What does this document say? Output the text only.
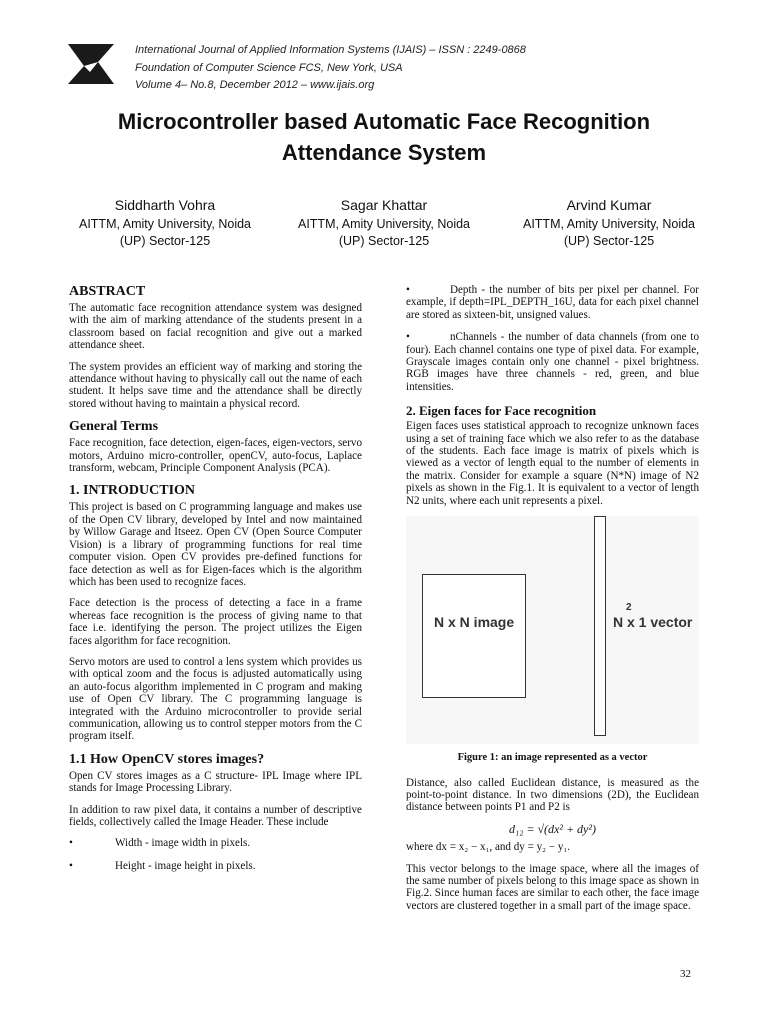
International Journal of Applied Information Systems (IJAIS) – ISSN : 2249-0868
Foundation of Computer Science FCS, New York, USA
Volume 4– No.8, December 2012 – www.ijais.org
Microcontroller based Automatic Face Recognition
Attendance System
Siddharth Vohra
AITTM, Amity University, Noida
(UP) Sector-125
Sagar Khattar
AITTM, Amity University, Noida
(UP) Sector-125
Arvind Kumar
AITTM, Amity University, Noida
(UP) Sector-125
ABSTRACT

The automatic face recognition attendance system was designed with the aim of marking attendance of the students present in a classroom based on facial recognition and give out a marked attendance sheet.

The system provides an efficient way of marking and storing the attendance without having to physically call out the name of each student. It helps save time and the attendance shall be directly stored without having to maintain a physical record.

General Terms

Face recognition, face detection, eigen-faces, eigen-vectors, servo motors, Arduino micro-controller, openCV, auto-focus, Laplace transform, webcam, Principle Component Analysis (PCA).

1. INTRODUCTION

This project is based on C programming language and makes use of the Open CV library, developed by Intel and now maintained by Willow Garage and Itseez. Open CV (Open Source Computer Vision) is a library of programming functions for real time computer vision. Open CV provides pre-defined functions for face detection as well as for Eigen-faces which is the algorithm which has been used to recognize faces.

Face detection is the process of detecting a face in a frame whereas face recognition is the process of giving name to that face i.e. identifying the person. The project utilizes the Eigen faces algorithm for face recognition.

Servo motors are used to control a lens system which provides us with optical zoom and the focus is adjusted automatically using an auto-focus algorithm implemented in C program and making use of Open CV library. The C programming language is integrated with the Arduino microcontroller to provide serial communication, allowing us to control stepper motors from the C program itself.

1.1 How OpenCV stores images?

Open CV stores images as a C structure- IPL Image where IPL stands for Image Processing Library.

In addition to raw pixel data, it contains a number of descriptive fields, collectively called the Image Header. These include

•	Width - image width in pixels.
•	Height - image height in pixels.
•	Depth - the number of bits per pixel per channel. For example, if depth=IPL_DEPTH_16U, data for each pixel channel are stored as sixteen-bit, unsigned values.
•	nChannels - the number of data channels (from one to four). Each channel contains one type of pixel data. For example, Grayscale images contain only one channel - pixel brightness. RGB images have three channels - red, green, and blue intensities.
2. Eigen faces for Face recognition

Eigen faces uses statistical approach to recognize unknown faces using a set of training face which we also refer to as the database of the students. Each face image is matrix of pixels which is viewed as a vector of length equal to the number of elements in the matrix. Consider for example a square (N*N) image of N2 pixels as shown in the Fig.1. It is equivalent to a vector of length N2 units, where each unit represents a pixel.

N x N image
2
N x 1 vector
Figure 1: an image represented as a vector

Distance, also called Euclidean distance, is measured as the point-to-point distance. In two dimensions (2D), the Euclidean distance between points P1 and P2 is

d₁₂ = √(dx² + dy²)

where dx = x₂ − x₁, and dy = y₂ − y₁.

This vector belongs to the image space, where all the images of the same number of pixels belong to this image space as shown in Fig.2. Since human faces are similar to each other, the face image vectors are clustered together in a small part of the image space.

32
